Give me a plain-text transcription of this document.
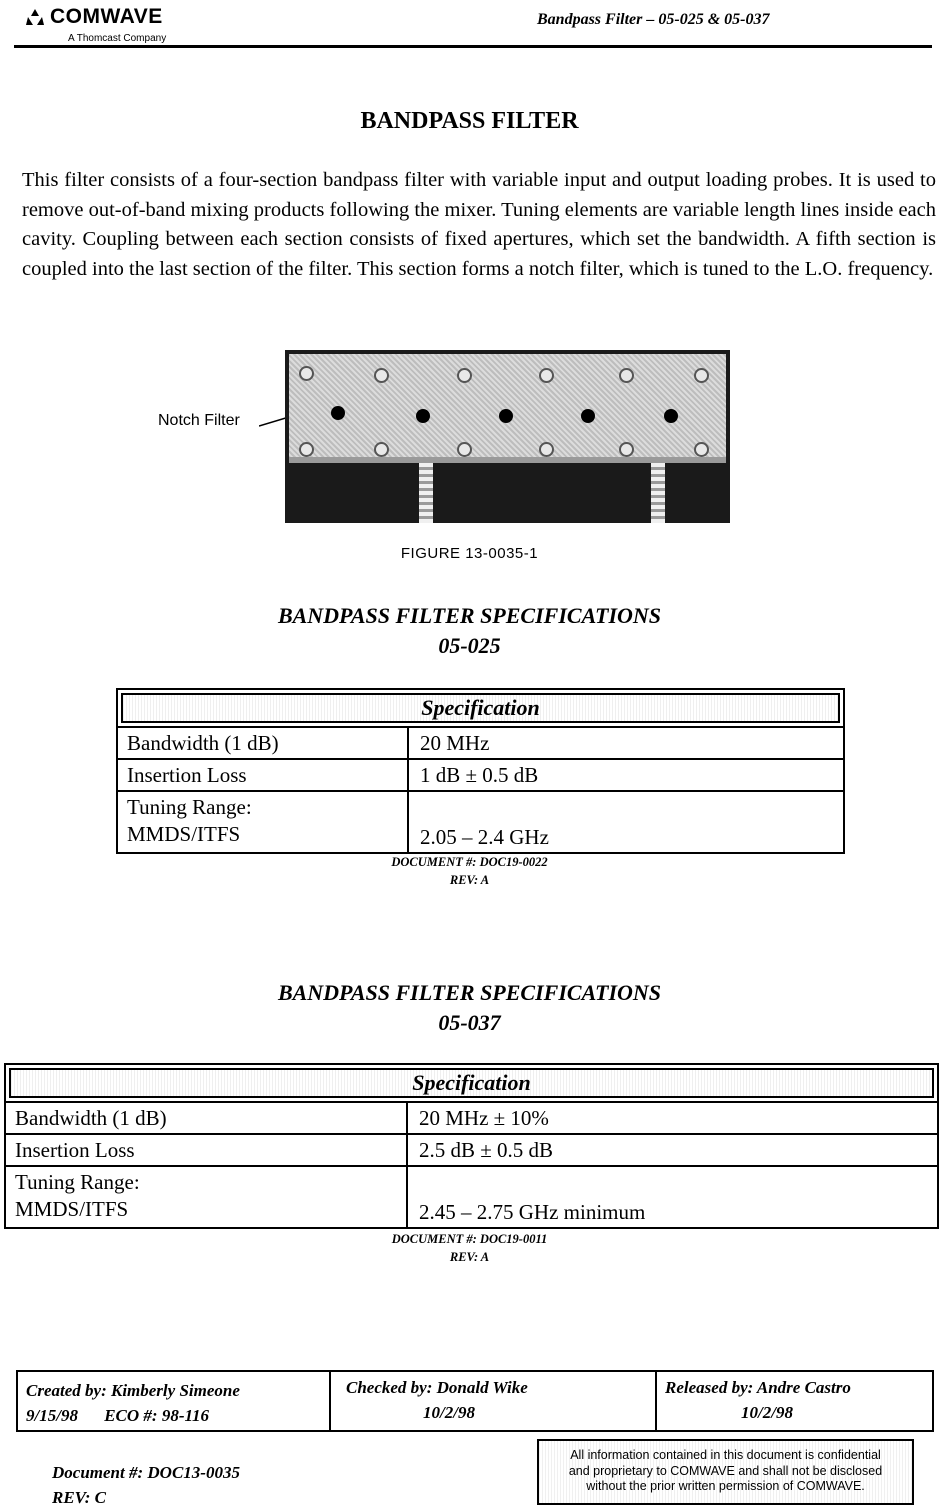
COMWAVE
A Thomcast Company
Bandpass Filter – 05-025 & 05-037
BANDPASS FILTER
This filter consists of a four-section bandpass filter with variable input and output loading probes. It is used to remove out-of-band mixing products following the mixer. Tuning elements are variable length lines inside each cavity. Coupling between each section consists of fixed apertures, which set the bandwidth. A fifth section is coupled into the last section of the filter. This section forms a notch filter, which is tuned to the L.O. frequency.
Notch Filter
FIGURE 13-0035-1
BANDPASS FILTER SPECIFICATIONS
05-025
Specification
Bandwidth (1 dB)	20 MHz
Insertion Loss	1 dB ± 0.5 dB
Tuning Range:
MMDS/ITFS	2.05 – 2.4 GHz
DOCUMENT #: DOC19-0022
REV: A
BANDPASS FILTER SPECIFICATIONS
05-037
Specification
Bandwidth (1 dB)	20 MHz ± 10%
Insertion Loss	2.5 dB ± 0.5 dB
Tuning Range:
MMDS/ITFS	2.45 – 2.75 GHz minimum
DOCUMENT #: DOC19-0011
REV: A
Created by: Kimberly Simeone
9/15/98 ECO #: 98-116
Checked by: Donald Wike
10/2/98
Released by: Andre Castro
10/2/98
Document #: DOC13-0035
REV: C
All information contained in this document is confidential
and proprietary to COMWAVE and shall not be disclosed
without the prior written permission of COMWAVE.
